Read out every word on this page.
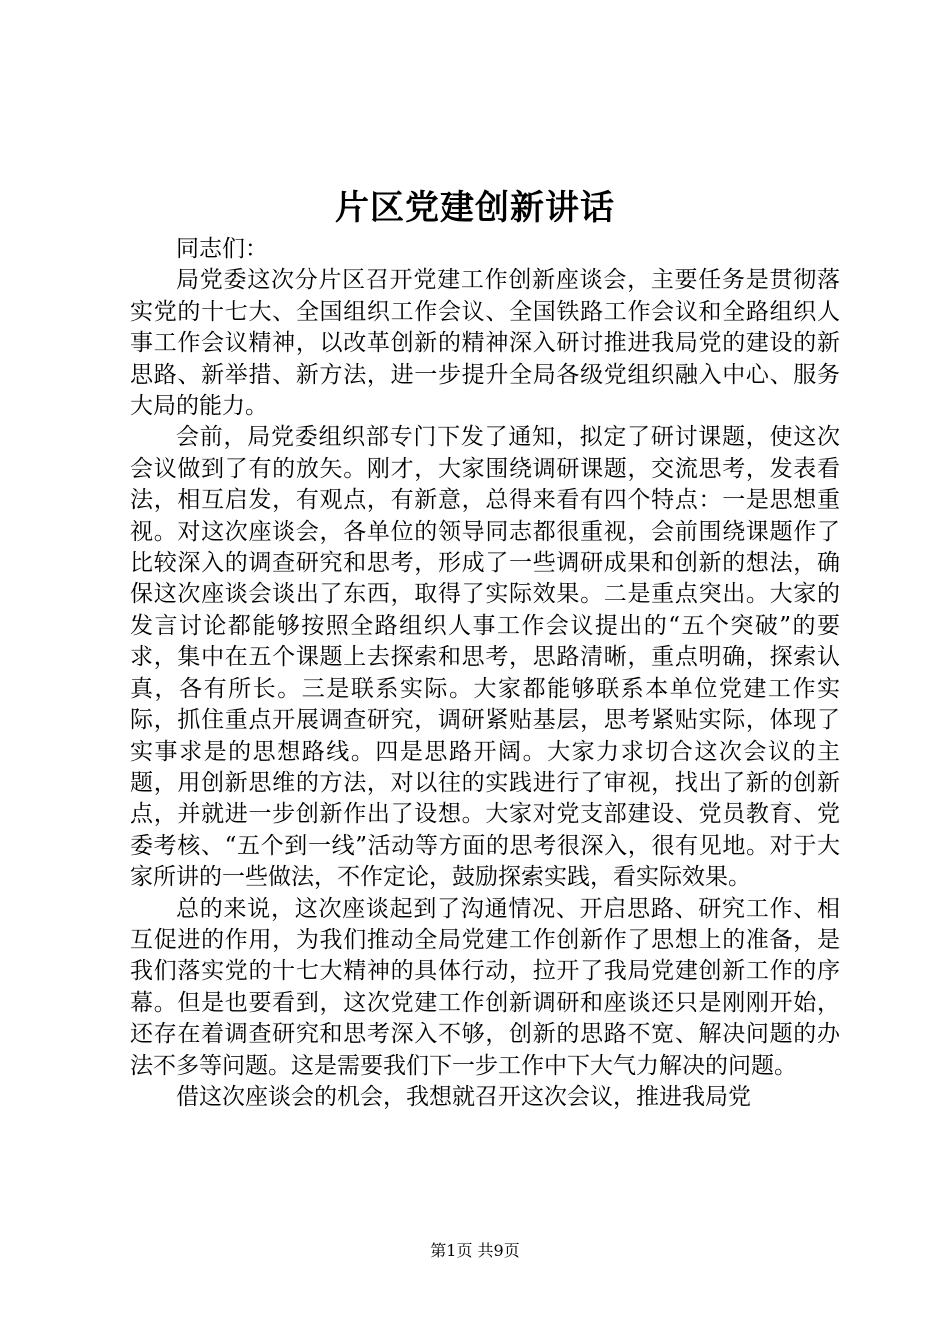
片区党建创新讲话

同志们：

局党委这次分片区召开党建工作创新座谈会，主要任务是贯彻落实党的十七大、全国组织工作会议、全国铁路工作会议和全路组织人事工作会议精神，以改革创新的精神深入研讨推进我局党的建设的新思路、新举措、新方法，进一步提升全局各级党组织融入中心、服务大局的能力。

会前，局党委组织部专门下发了通知，拟定了研讨课题，使这次会议做到了有的放矢。刚才，大家围绕调研课题，交流思考，发表看法，相互启发，有观点，有新意，总得来看有四个特点：一是思想重视。对这次座谈会，各单位的领导同志都很重视，会前围绕课题作了比较深入的调查研究和思考，形成了一些调研成果和创新的想法，确保这次座谈会谈出了东西，取得了实际效果。二是重点突出。大家的发言讨论都能够按照全路组织人事工作会议提出的“五个突破”的要求，集中在五个课题上去探索和思考，思路清晰，重点明确，探索认真，各有所长。三是联系实际。大家都能够联系本单位党建工作实际，抓住重点开展调查研究，调研紧贴基层，思考紧贴实际，体现了实事求是的思想路线。四是思路开阔。大家力求切合这次会议的主题，用创新思维的方法，对以往的实践进行了审视，找出了新的创新点，并就进一步创新作出了设想。大家对党支部建设、党员教育、党委考核、“五个到一线”活动等方面的思考很深入，很有见地。对于大家所讲的一些做法，不作定论，鼓励探索实践，看实际效果。

总的来说，这次座谈起到了沟通情况、开启思路、研究工作、相互促进的作用，为我们推动全局党建工作创新作了思想上的准备，是我们落实党的十七大精神的具体行动，拉开了我局党建创新工作的序幕。但是也要看到，这次党建工作创新调研和座谈还只是刚刚开始，还存在着调查研究和思考深入不够，创新的思路不宽、解决问题的办法不多等问题。这是需要我们下一步工作中下大气力解决的问题。

借这次座谈会的机会，我想就召开这次会议，推进我局党

第1页 共9页
